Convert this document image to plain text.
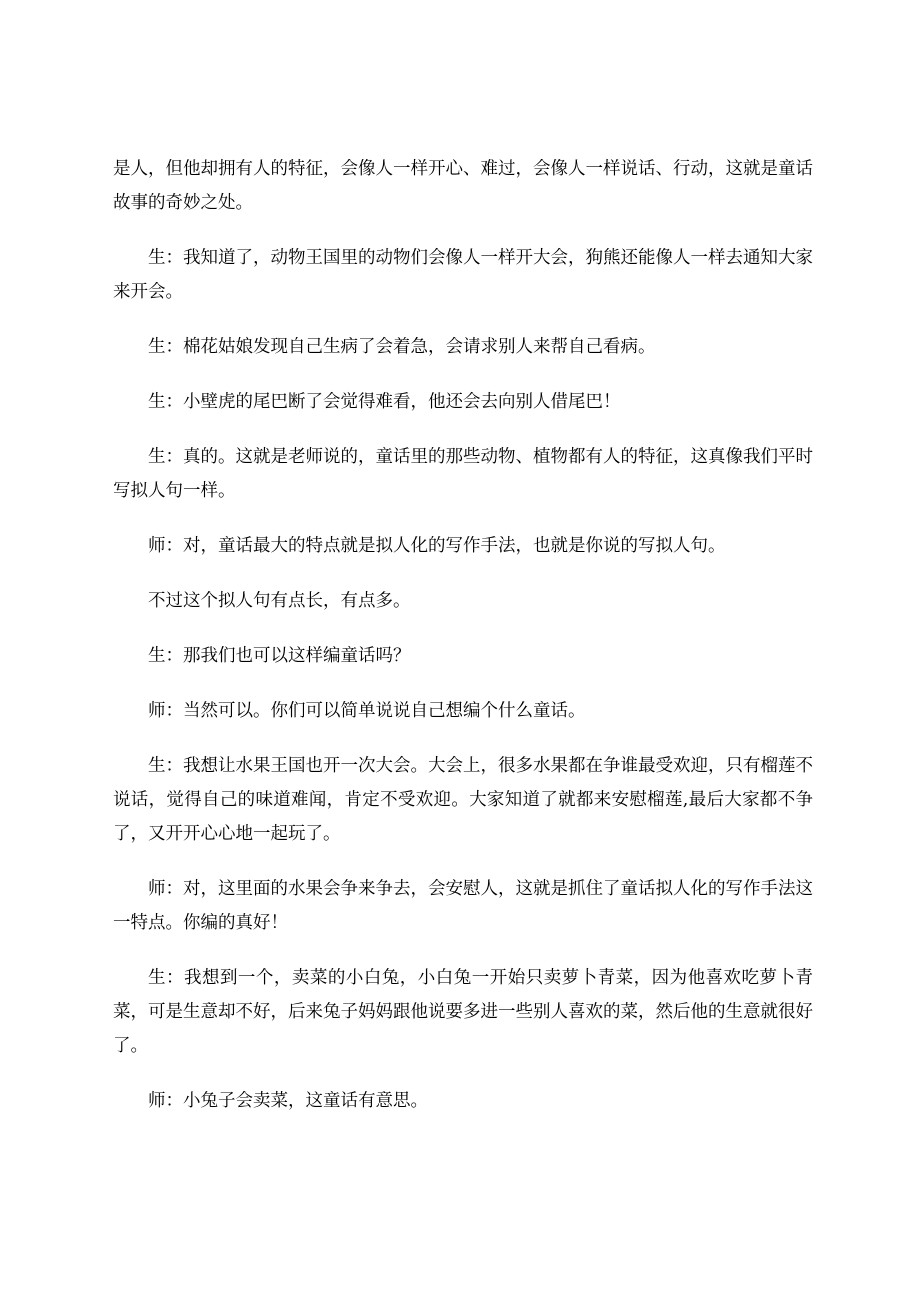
是人，但他却拥有人的特征，会像人一样开心、难过，会像人一样说话、行动，这就是童话故事的奇妙之处。

生：我知道了，动物王国里的动物们会像人一样开大会，狗熊还能像人一样去通知大家来开会。

生：棉花姑娘发现自己生病了会着急，会请求别人来帮自己看病。

生：小壁虎的尾巴断了会觉得难看，他还会去向别人借尾巴！

生：真的。这就是老师说的，童话里的那些动物、植物都有人的特征，这真像我们平时写拟人句一样。

师：对，童话最大的特点就是拟人化的写作手法，也就是你说的写拟人句。

不过这个拟人句有点长，有点多。

生：那我们也可以这样编童话吗？

师：当然可以。你们可以简单说说自己想编个什么童话。

生：我想让水果王国也开一次大会。大会上，很多水果都在争谁最受欢迎，只有榴莲不说话，觉得自己的味道难闻，肯定不受欢迎。大家知道了就都来安慰榴莲,最后大家都不争了，又开开心心地一起玩了。

师：对，这里面的水果会争来争去，会安慰人，这就是抓住了童话拟人化的写作手法这一特点。你编的真好！

生：我想到一个，卖菜的小白兔，小白兔一开始只卖萝卜青菜，因为他喜欢吃萝卜青菜，可是生意却不好，后来兔子妈妈跟他说要多进一些别人喜欢的菜，然后他的生意就很好了。

师：小兔子会卖菜，这童话有意思。
